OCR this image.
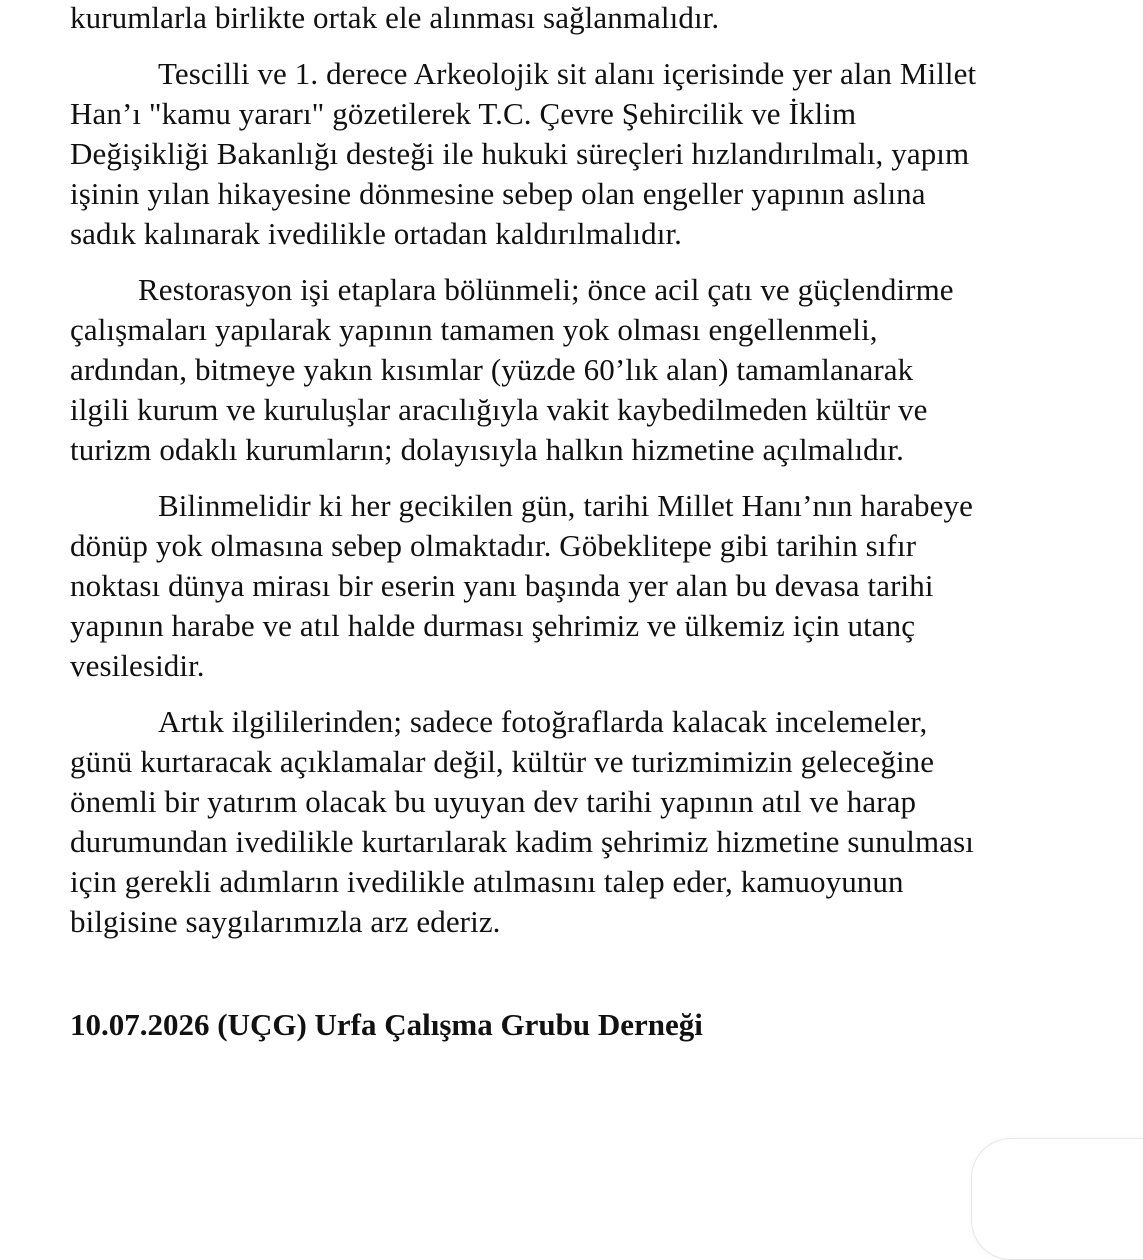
kurumlarla birlikte ortak ele alınması sağlanmalıdır.
Tescilli ve 1. derece Arkeolojik sit alanı içerisinde yer alan Millet
Han’ı "kamu yararı" gözetilerek T.C. Çevre Şehircilik ve İklim
Değişikliği Bakanlığı desteği ile hukuki süreçleri hızlandırılmalı, yapım
işinin yılan hikayesine dönmesine sebep olan engeller yapının aslına
sadık kalınarak ivedilikle ortadan kaldırılmalıdır.
Restorasyon işi etaplara bölünmeli; önce acil çatı ve güçlendirme
çalışmaları yapılarak yapının tamamen yok olması engellenmeli,
ardından, bitmeye yakın kısımlar (yüzde 60’lık alan) tamamlanarak
ilgili kurum ve kuruluşlar aracılığıyla vakit kaybedilmeden kültür ve
turizm odaklı kurumların; dolayısıyla halkın hizmetine açılmalıdır.
Bilinmelidir ki her gecikilen gün, tarihi Millet Hanı’nın harabeye
dönüp yok olmasına sebep olmaktadır. Göbeklitepe gibi tarihin sıfır
noktası dünya mirası bir eserin yanı başında yer alan bu devasa tarihi
yapının harabe ve atıl halde durması şehrimiz ve ülkemiz için utanç
vesilesidir.
Artık ilgililerinden; sadece fotoğraflarda kalacak incelemeler,
günü kurtaracak açıklamalar değil, kültür ve turizmimizin geleceğine
önemli bir yatırım olacak bu uyuyan dev tarihi yapının atıl ve harap
durumundan ivedilikle kurtarılarak kadim şehrimiz hizmetine sunulması
için gerekli adımların ivedilikle atılmasını talep eder, kamuoyunun
bilgisine saygılarımızla arz ederiz.
10.07.2026 (UÇG) Urfa Çalışma Grubu Derneği
